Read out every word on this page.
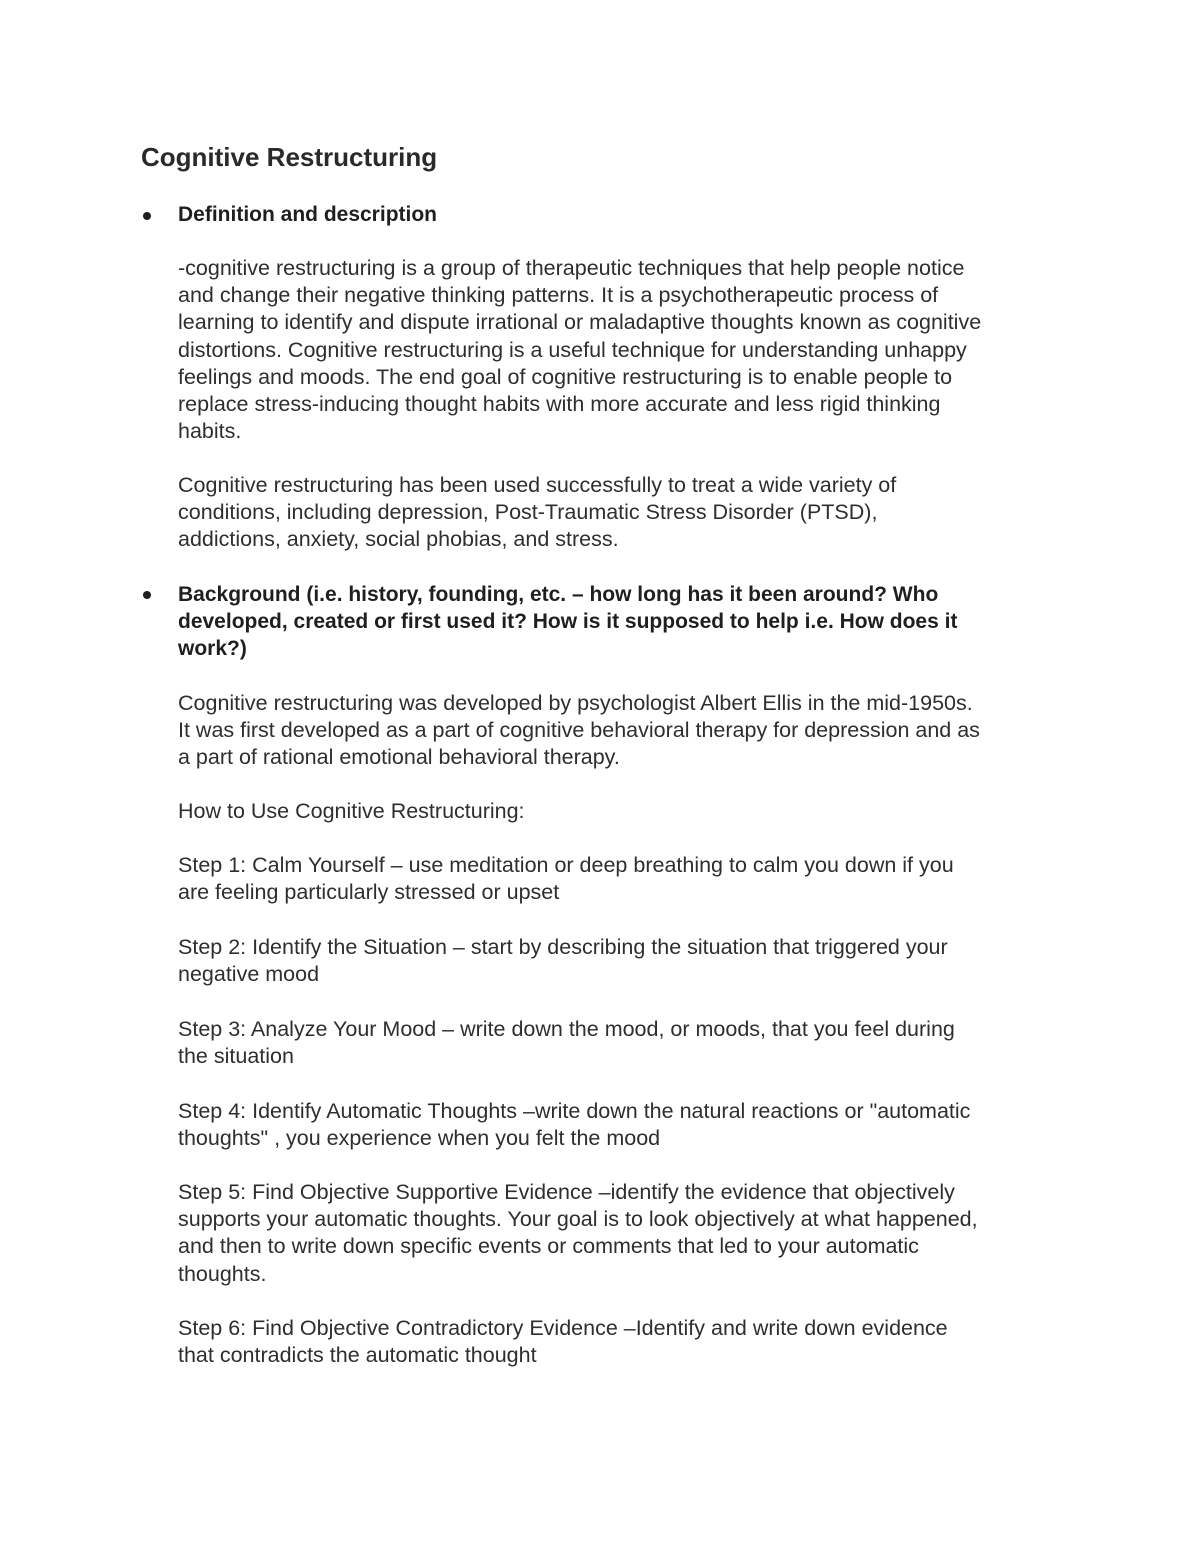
Cognitive Restructuring
Definition and description

-cognitive restructuring is a group of therapeutic techniques that help people notice
and change their negative thinking patterns. It is a psychotherapeutic process of
learning to identify and dispute irrational or maladaptive thoughts known as cognitive
distortions. Cognitive restructuring is a useful technique for understanding unhappy
feelings and moods. The end goal of cognitive restructuring is to enable people to
replace stress-inducing thought habits with more accurate and less rigid thinking
habits.

Cognitive restructuring has been used successfully to treat a wide variety of
conditions, including depression, Post-Traumatic Stress Disorder (PTSD),
addictions, anxiety, social phobias, and stress.

Background (i.e. history, founding, etc. – how long has it been around? Who
developed, created or first used it? How is it supposed to help i.e. How does it
work?)

Cognitive restructuring was developed by psychologist Albert Ellis in the mid-1950s.
It was first developed as a part of cognitive behavioral therapy for depression and as
a part of rational emotional behavioral therapy.

How to Use Cognitive Restructuring:

Step 1: Calm Yourself – use meditation or deep breathing to calm you down if you
are feeling particularly stressed or upset

Step 2: Identify the Situation – start by describing the situation that triggered your
negative mood

Step 3: Analyze Your Mood – write down the mood, or moods, that you feel during
the situation

Step 4: Identify Automatic Thoughts –write down the natural reactions or "automatic
thoughts" , you experience when you felt the mood

Step 5: Find Objective Supportive Evidence –identify the evidence that objectively
supports your automatic thoughts. Your goal is to look objectively at what happened,
and then to write down specific events or comments that led to your automatic
thoughts.

Step 6: Find Objective Contradictory Evidence –Identify and write down evidence
that contradicts the automatic thought
